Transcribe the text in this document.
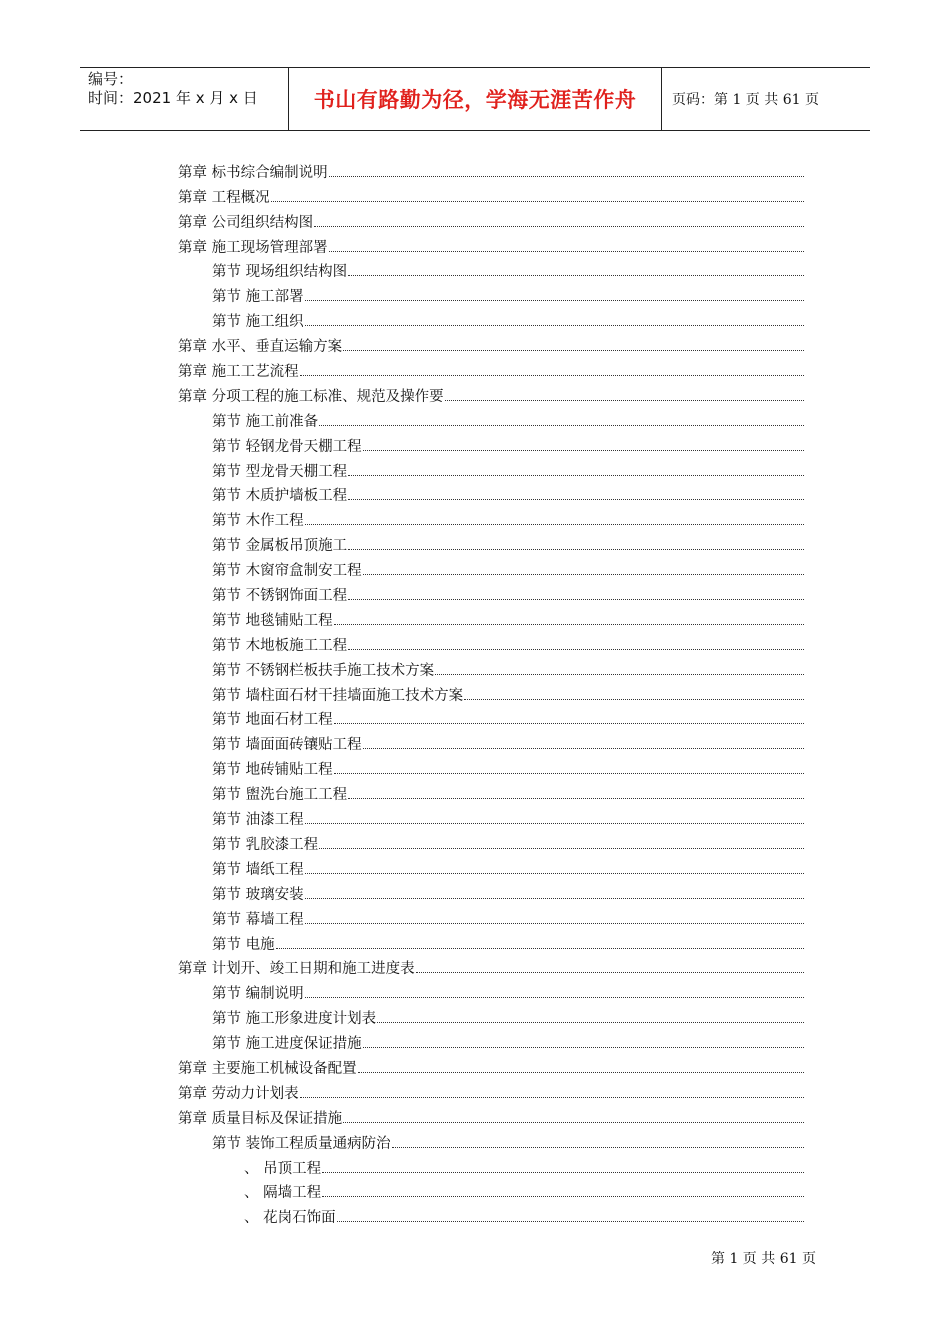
编号：
时间：2021 年 x 月 x 日	书山有路勤为径，学海无涯苦作舟	页码：第 1 页 共 61 页
第章 标书综合编制说明
第章 工程概况
第章 公司组织结构图
第章 施工现场管理部署
第节 现场组织结构图
第节 施工部署
第节 施工组织
第章 水平、垂直运输方案
第章 施工工艺流程
第章 分项工程的施工标准、规范及操作要
第节 施工前准备
第节 轻钢龙骨天棚工程
第节 型龙骨天棚工程
第节 木质护墙板工程
第节 木作工程
第节 金属板吊顶施工
第节 木窗帘盒制安工程
第节 不锈钢饰面工程
第节 地毯铺贴工程
第节 木地板施工工程
第节 不锈钢栏板扶手施工技术方案
第节 墙柱面石材干挂墙面施工技术方案
第节 地面石材工程
第节 墙面面砖镶贴工程
第节 地砖铺贴工程
第节 盥洗台施工工程
第节 油漆工程
第节 乳胶漆工程
第节 墙纸工程
第节 玻璃安装
第节 幕墙工程
第节 电施
第章 计划开、竣工日期和施工进度表
第节 编制说明
第节 施工形象进度计划表
第节 施工进度保证措施
第章 主要施工机械设备配置
第章 劳动力计划表
第章 质量目标及保证措施
第节 装饰工程质量通病防治
、 吊顶工程
、 隔墙工程
、 花岗石饰面
第 1 页 共 61 页
